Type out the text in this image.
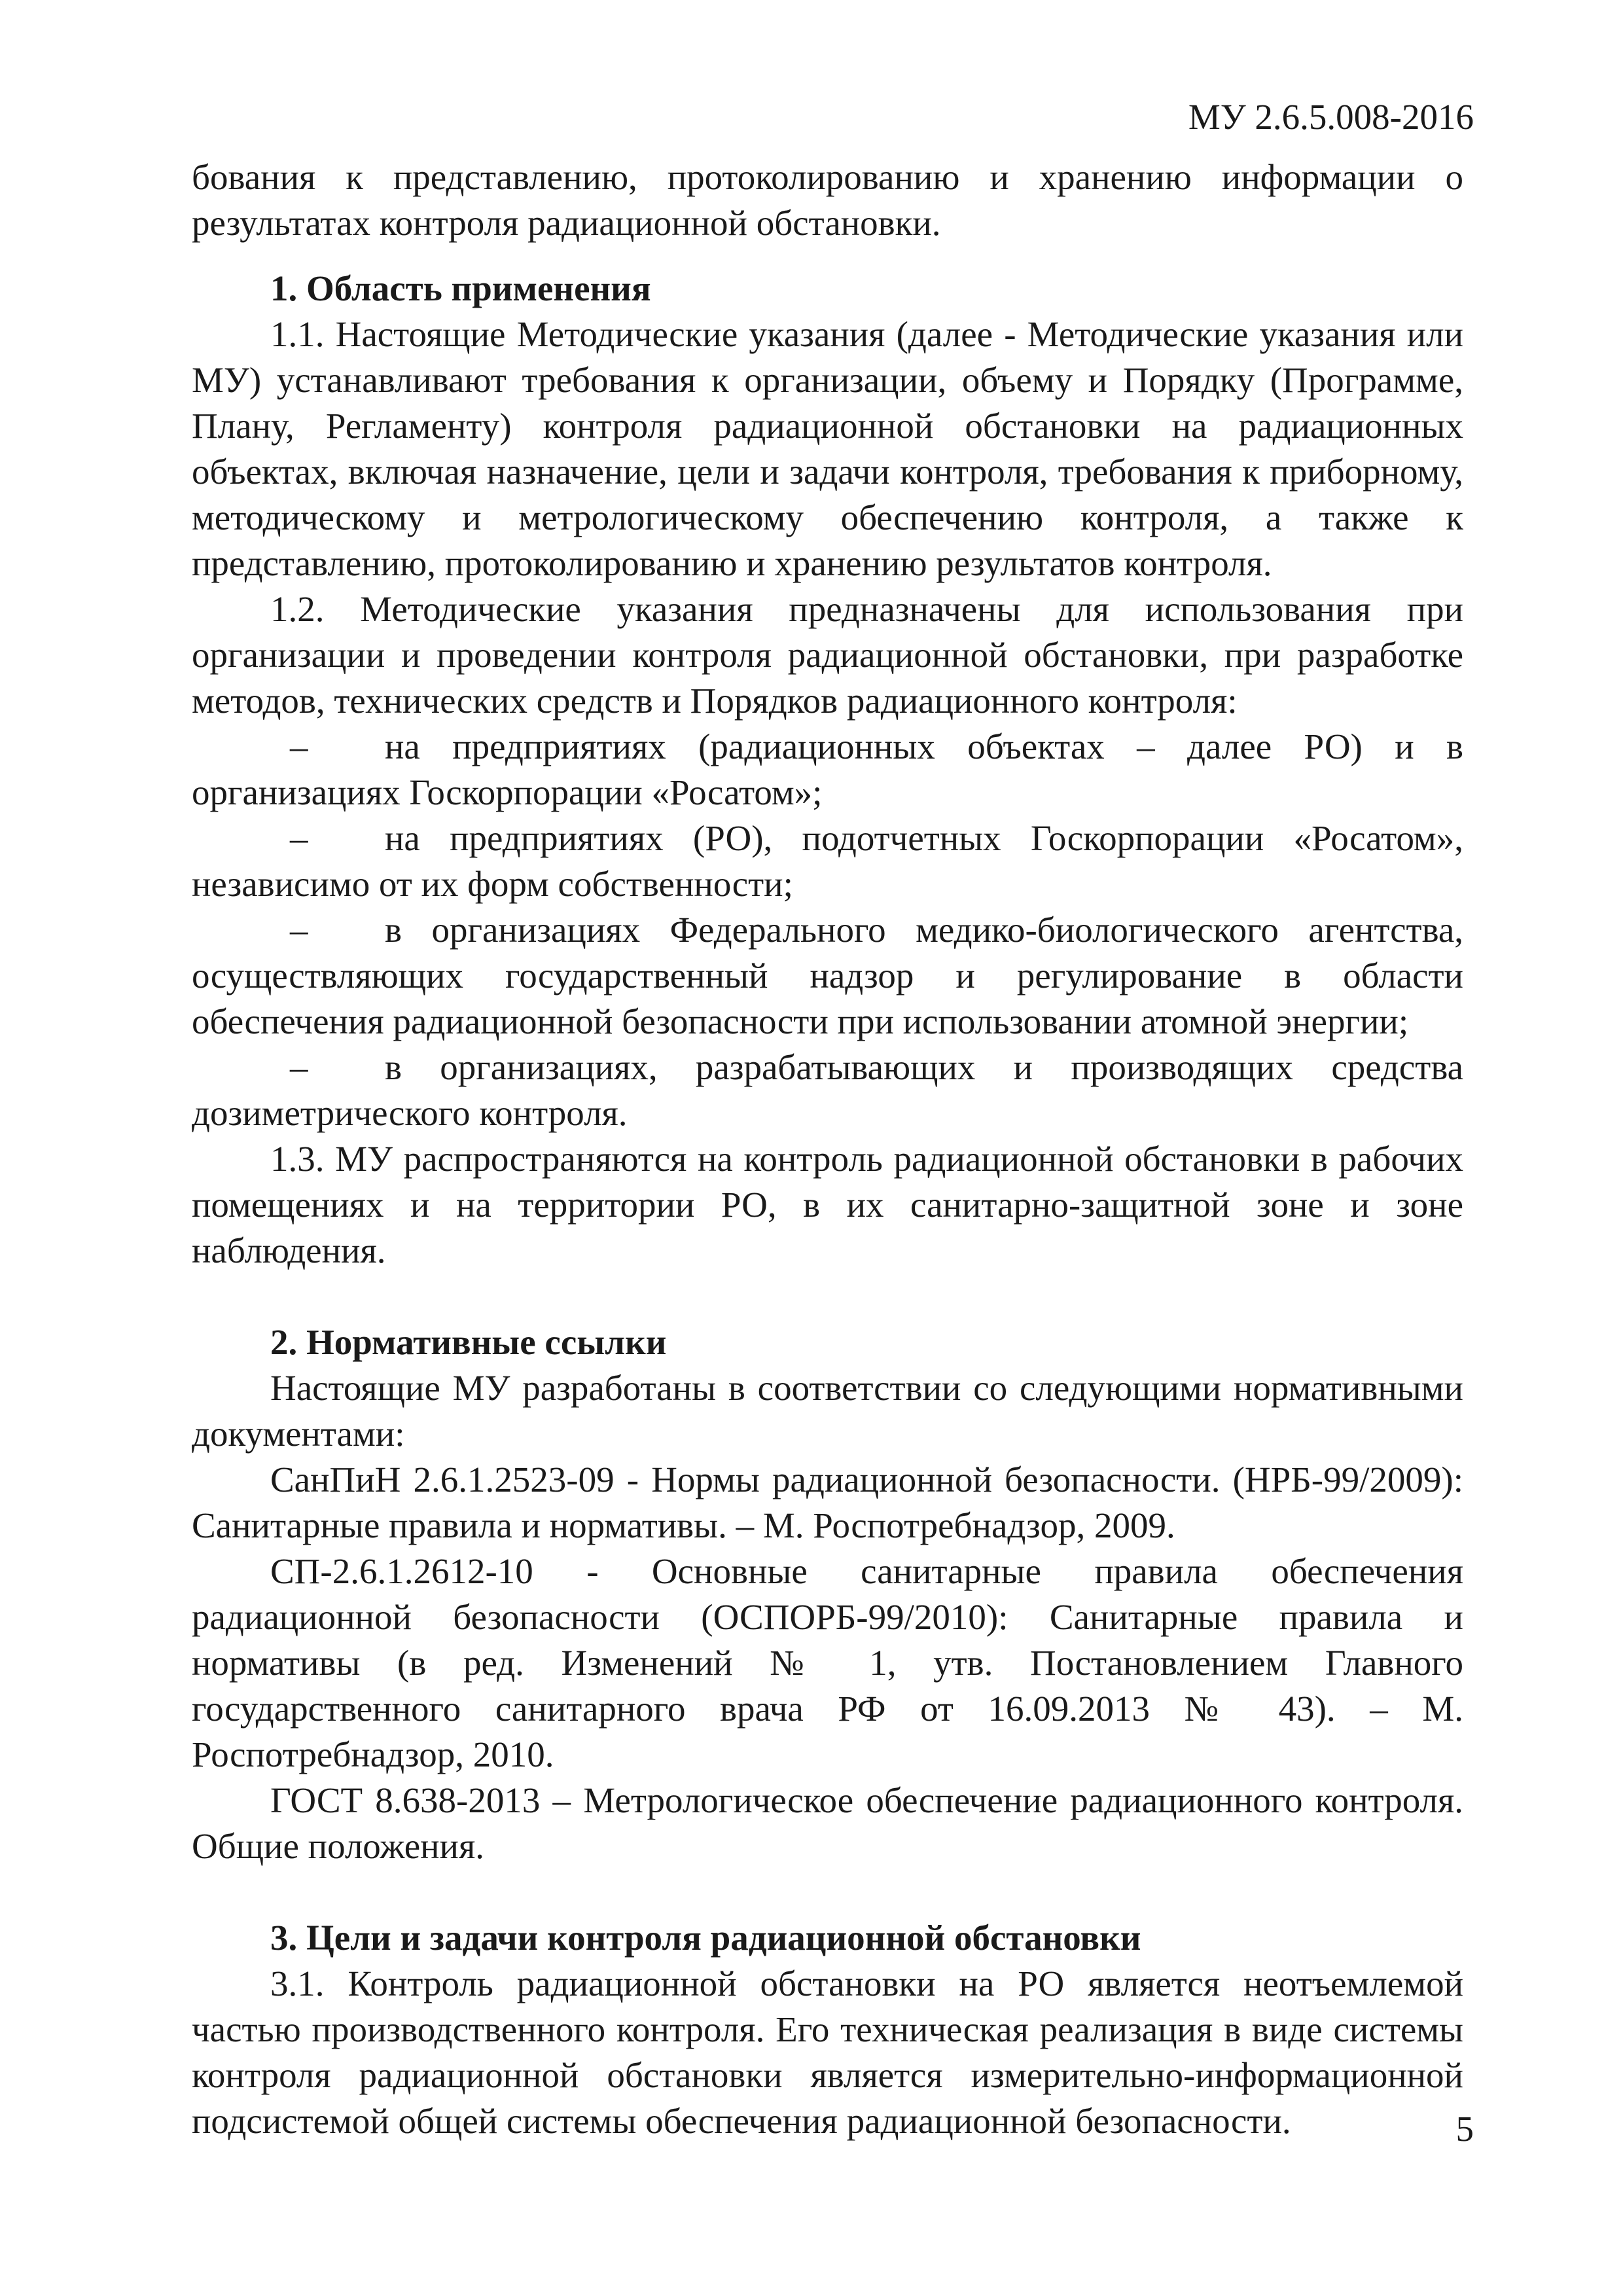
МУ 2.6.5.008-2016

бования к представлению, протоколированию и хранению информации о результатах контроля радиационной обстановки.

1. Область применения

1.1. Настоящие Методические указания (далее - Методические указания или МУ) устанавливают требования к организации, объему и Порядку (Программе, Плану, Регламенту) контроля радиационной обстановки на радиационных объектах, включая назначение, цели и задачи контроля, требования к приборному, методическому и метрологическому обеспечению контроля, а также к представлению, протоколированию и хранению результатов контроля.

1.2. Методические указания предназначены для использования при организации и проведении контроля радиационной обстановки, при разработке методов, технических средств и Порядков радиационного контроля:

– на предприятиях (радиационных объектах – далее РО) и в организациях Госкорпорации «Росатом»;

– на предприятиях (РО), подотчетных Госкорпорации «Росатом», независимо от их форм собственности;

– в организациях Федерального медико-биологического агентства, осуществляющих государственный надзор и регулирование в области обеспечения радиационной безопасности при использовании атомной энергии;

– в организациях, разрабатывающих и производящих средства дозиметрического контроля.

1.3. МУ распространяются на контроль радиационной обстановки в рабочих помещениях и на территории РО, в их санитарно-защитной зоне и зоне наблюдения.

2. Нормативные ссылки

Настоящие МУ разработаны в соответствии со следующими нормативными документами:

СанПиН 2.6.1.2523-09 - Нормы радиационной безопасности. (НРБ-99/2009): Санитарные правила и нормативы. – М. Роспотребнадзор, 2009.

СП-2.6.1.2612-10 - Основные санитарные правила обеспечения радиационной безопасности (ОСПОРБ-99/2010): Санитарные правила и нормативы (в ред. Изменений № 1, утв. Постановлением Главного государственного санитарного врача РФ от 16.09.2013 № 43). – М. Роспотребнадзор, 2010.

ГОСТ 8.638-2013 – Метрологическое обеспечение радиационного контроля. Общие положения.

3. Цели и задачи контроля радиационной обстановки

3.1. Контроль радиационной обстановки на РО является неотъемлемой частью производственного контроля. Его техническая реализация в виде системы контроля радиационной обстановки является измерительно-информационной подсистемой общей системы обеспечения радиационной безопасности.	5
